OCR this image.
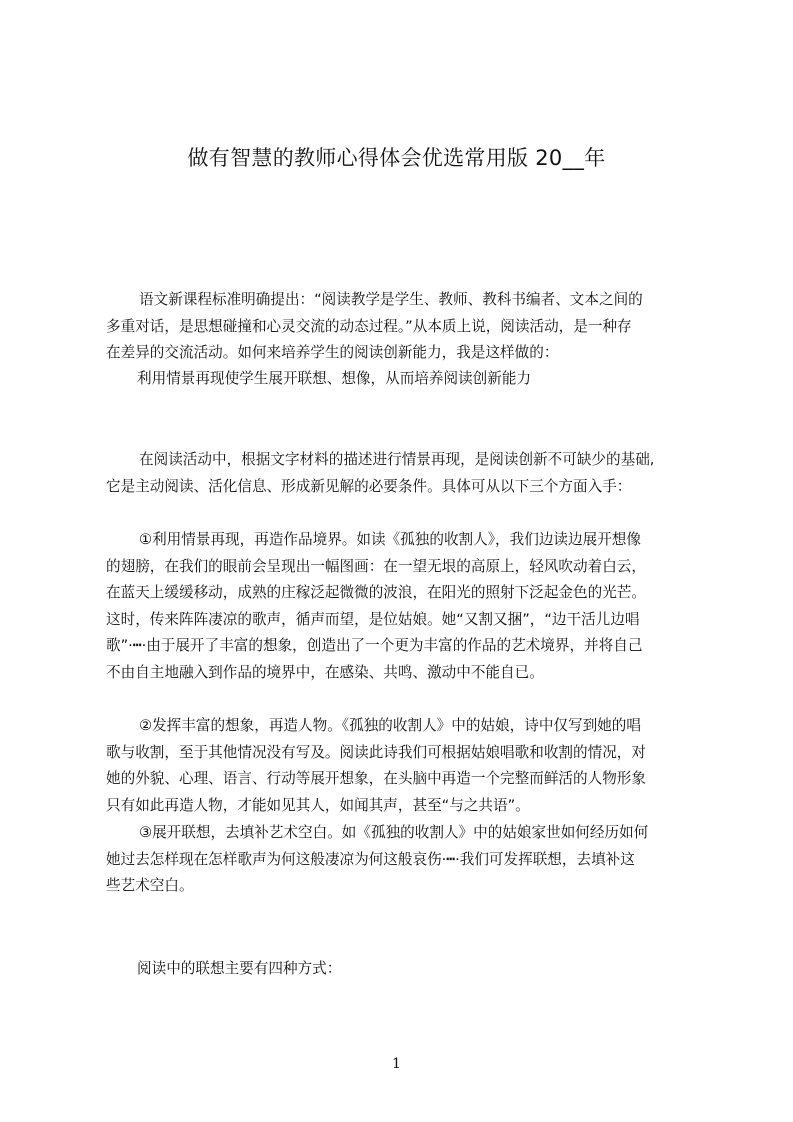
做有智慧的教师心得体会优选常用版 20__年
语文新课程标准明确提出：“阅读教学是学生、教师、教科书编者、文本之间的
多重对话，是思想碰撞和心灵交流的动态过程。”从本质上说，阅读活动，是一种存
在差异的交流活动。如何来培养学生的阅读创新能力，我是这样做的：
利用情景再现使学生展开联想、想像，从而培养阅读创新能力
在阅读活动中，根据文字材料的描述进行情景再现，是阅读创新不可缺少的基础,
它是主动阅读、活化信息、形成新见解的必要条件。具体可从以下三个方面入手：
①利用情景再现，再造作品境界。如读《孤独的收割人》，我们边读边展开想像
的翅膀，在我们的眼前会呈现出一幅图画：在一望无垠的高原上，轻风吹动着白云，
在蓝天上缓缓移动，成熟的庄稼泛起微微的波浪，在阳光的照射下泛起金色的光芒。
这时，传来阵阵凄凉的歌声，循声而望，是位姑娘。她“又割又捆”，“边干活儿边唱
歌”·┅·由于展开了丰富的想象，创造出了一个更为丰富的作品的艺术境界，并将自己
不由自主地融入到作品的境界中，在感染、共鸣、激动中不能自已。
②发挥丰富的想象，再造人物。《孤独的收割人》中的姑娘，诗中仅写到她的唱
歌与收割，至于其他情况没有写及。阅读此诗我们可根据姑娘唱歌和收割的情况，对
她的外貌、心理、语言、行动等展开想象，在头脑中再造一个完整而鲜活的人物形象
只有如此再造人物，才能如见其人，如闻其声，甚至“与之共语”。
③展开联想，去填补艺术空白。如《孤独的收割人》中的姑娘家世如何经历如何
她过去怎样现在怎样歌声为何这般凄凉为何这般哀伤·┅·我们可发挥联想，去填补这
些艺术空白。
阅读中的联想主要有四种方式：
1
